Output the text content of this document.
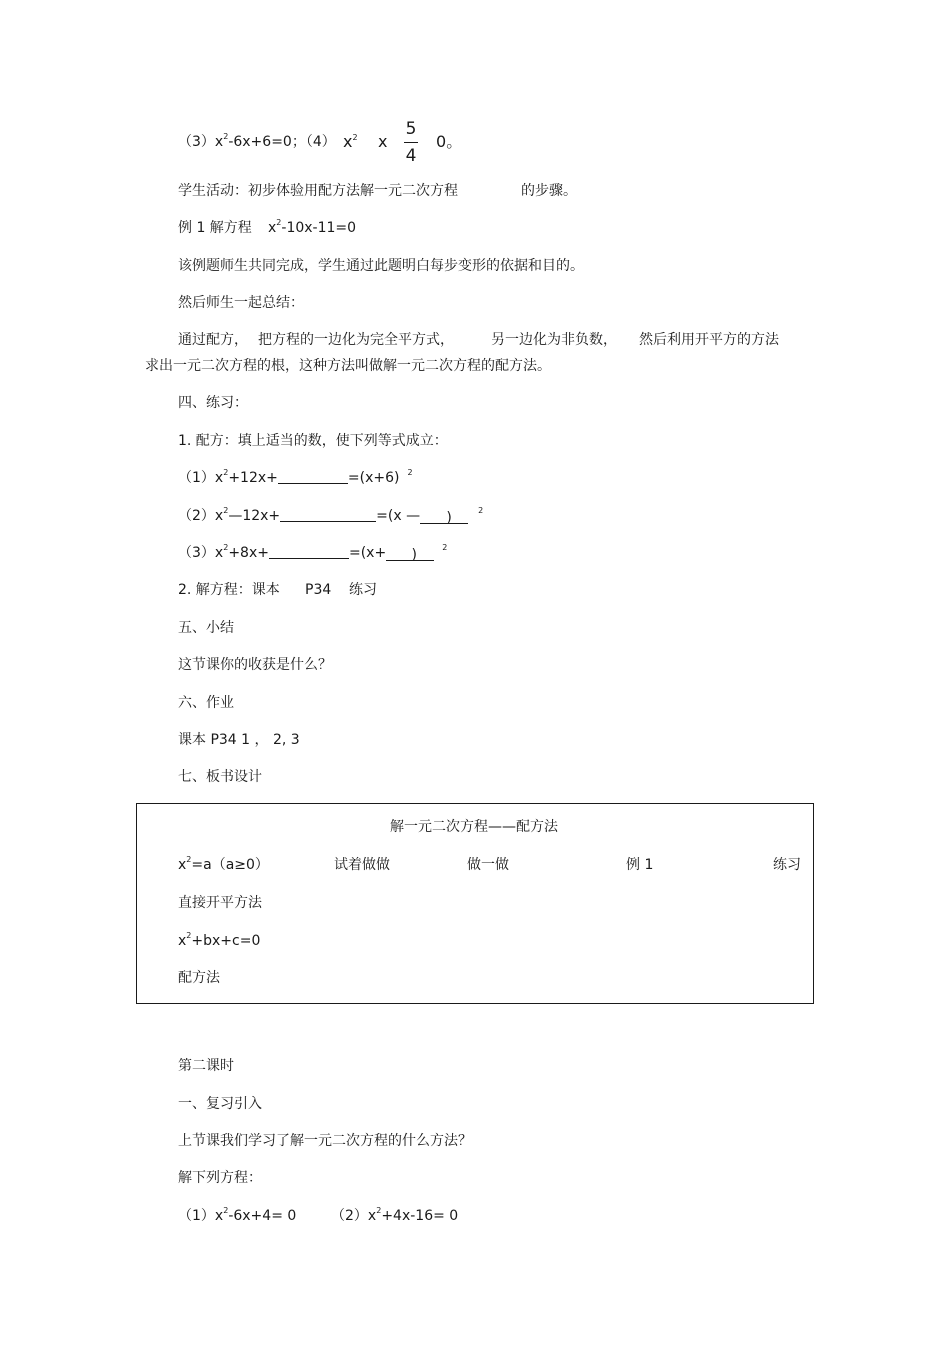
$(3)x^2-6x+6=0$；（4） $x^2$ x
5
4
0。
学生活动：初步体验用配方法解一元二次方程	的步骤。
例 1 解方程 $x^2-10x-11=0$
该例题师生共同完成，学生通过此题明白每步变形的依据和目的。
然后师生一起总结：
通过配方， 把方程的一边化为完全平方式，	另一边化为非负数， 然后利用开平方的方法
求出一元二次方程的根，这种方法叫做解一元二次方程的配方法。
四、练习：
1. 配方：填上适当的数，使下列等式成立：
$(1)x^2+12x+$	=(x+6) $^2$
$(2)x^2—12x+$	=(x — )	$^2$
$(3)x^2+8x+$	=(x+ )	$^2$
2. 解方程：课本 P34 练习
五、小结
这节课你的收获是什么？
六、作业
课本 P34 1 ， 2, 3
七、板书设计
解一元二次方程——配方法
$x^2=a(a\ge 0)$	试着做做	做一做	例 1	练习
直接开平方法
$x^2+bx+c=0$
配方法
第二课时
一、复习引入
上节课我们学习了解一元二次方程的什么方法？
解下列方程：
$(1)x^2-6x+4= 0$ $(2)x^2+4x-16= 0$
